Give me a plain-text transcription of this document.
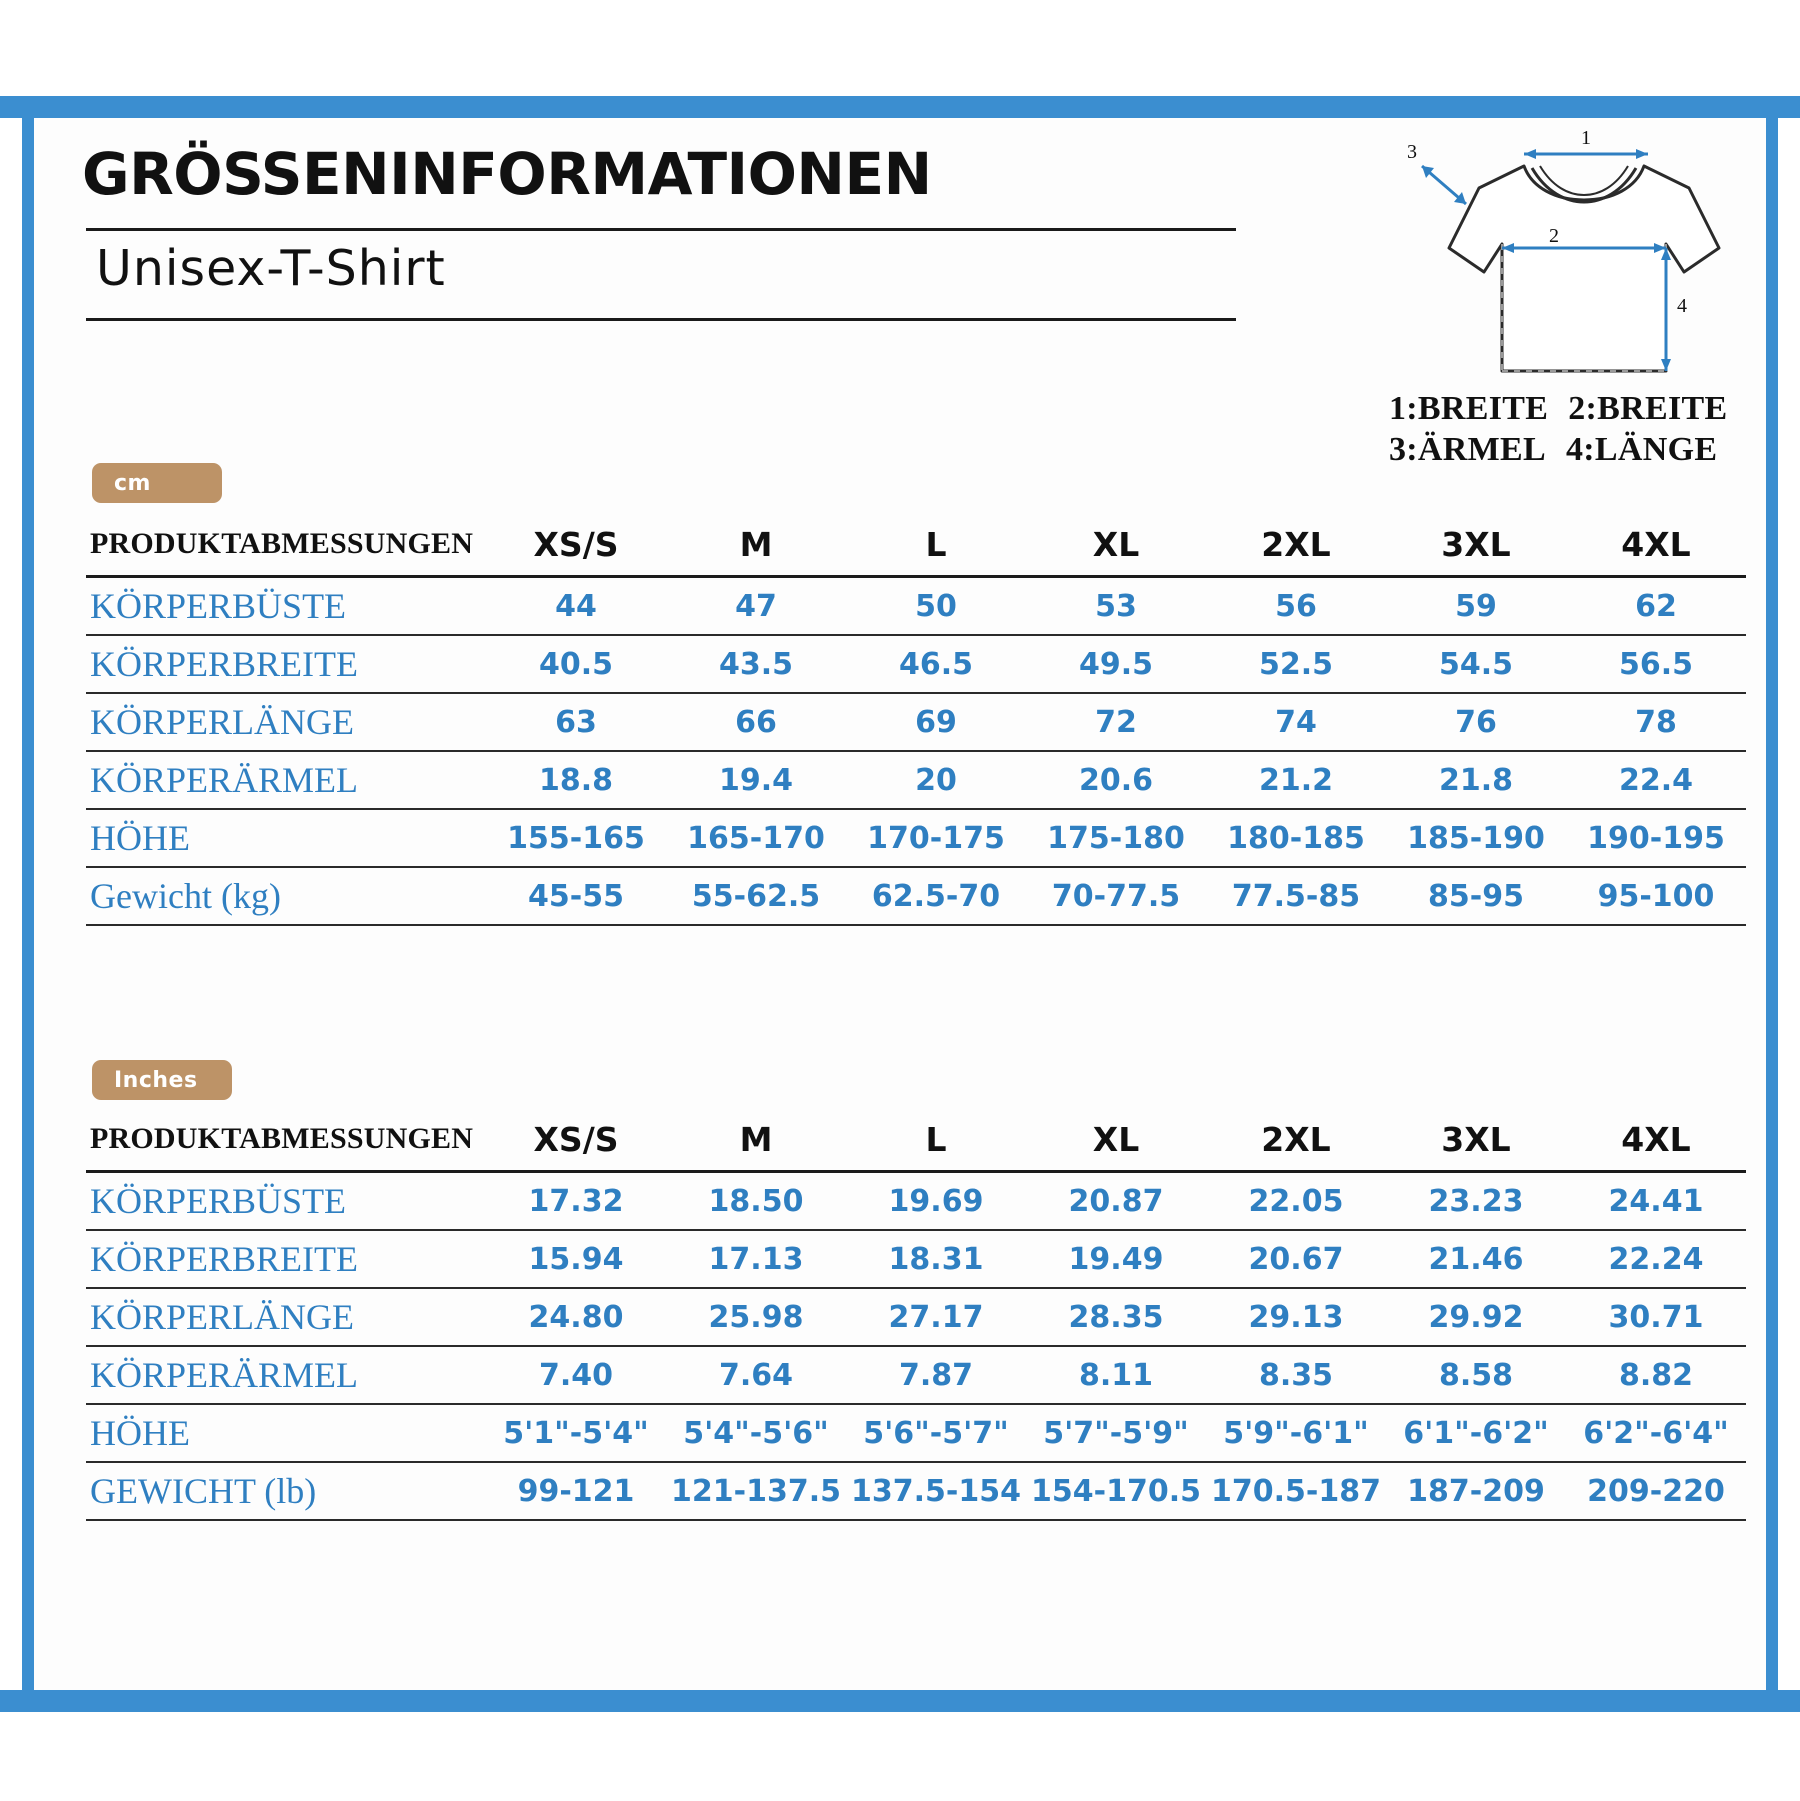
GRÖSSENINFORMATIONEN
Unisex-T-Shirt
1
2
3
4
1:BREITE 2:BREITE
3:ÄRMEL 4:LÄNGE
cm
PRODUKTABMESSUNGEN	XS/S	M	L	XL	2XL	3XL	4XL
KÖRPERBÜSTE	44	47	50	53	56	59	62
KÖRPERBREITE	40.5	43.5	46.5	49.5	52.5	54.5	56.5
KÖRPERLÄNGE	63	66	69	72	74	76	78
KÖRPERÄRMEL	18.8	19.4	20	20.6	21.2	21.8	22.4
HÖHE	155-165	165-170	170-175	175-180	180-185	185-190	190-195
Gewicht (kg)	45-55	55-62.5	62.5-70	70-77.5	77.5-85	85-95	95-100
Inches
PRODUKTABMESSUNGEN	XS/S	M	L	XL	2XL	3XL	4XL
KÖRPERBÜSTE	17.32	18.50	19.69	20.87	22.05	23.23	24.41
KÖRPERBREITE	15.94	17.13	18.31	19.49	20.67	21.46	22.24
KÖRPERLÄNGE	24.80	25.98	27.17	28.35	29.13	29.92	30.71
KÖRPERÄRMEL	7.40	7.64	7.87	8.11	8.35	8.58	8.82
HÖHE	5'1"-5'4"	5'4"-5'6"	5'6"-5'7"	5'7"-5'9"	5'9"-6'1"	6'1"-6'2"	6'2"-6'4"
GEWICHT (lb)	99-121	121-137.5	137.5-154	154-170.5	170.5-187	187-209	209-220
